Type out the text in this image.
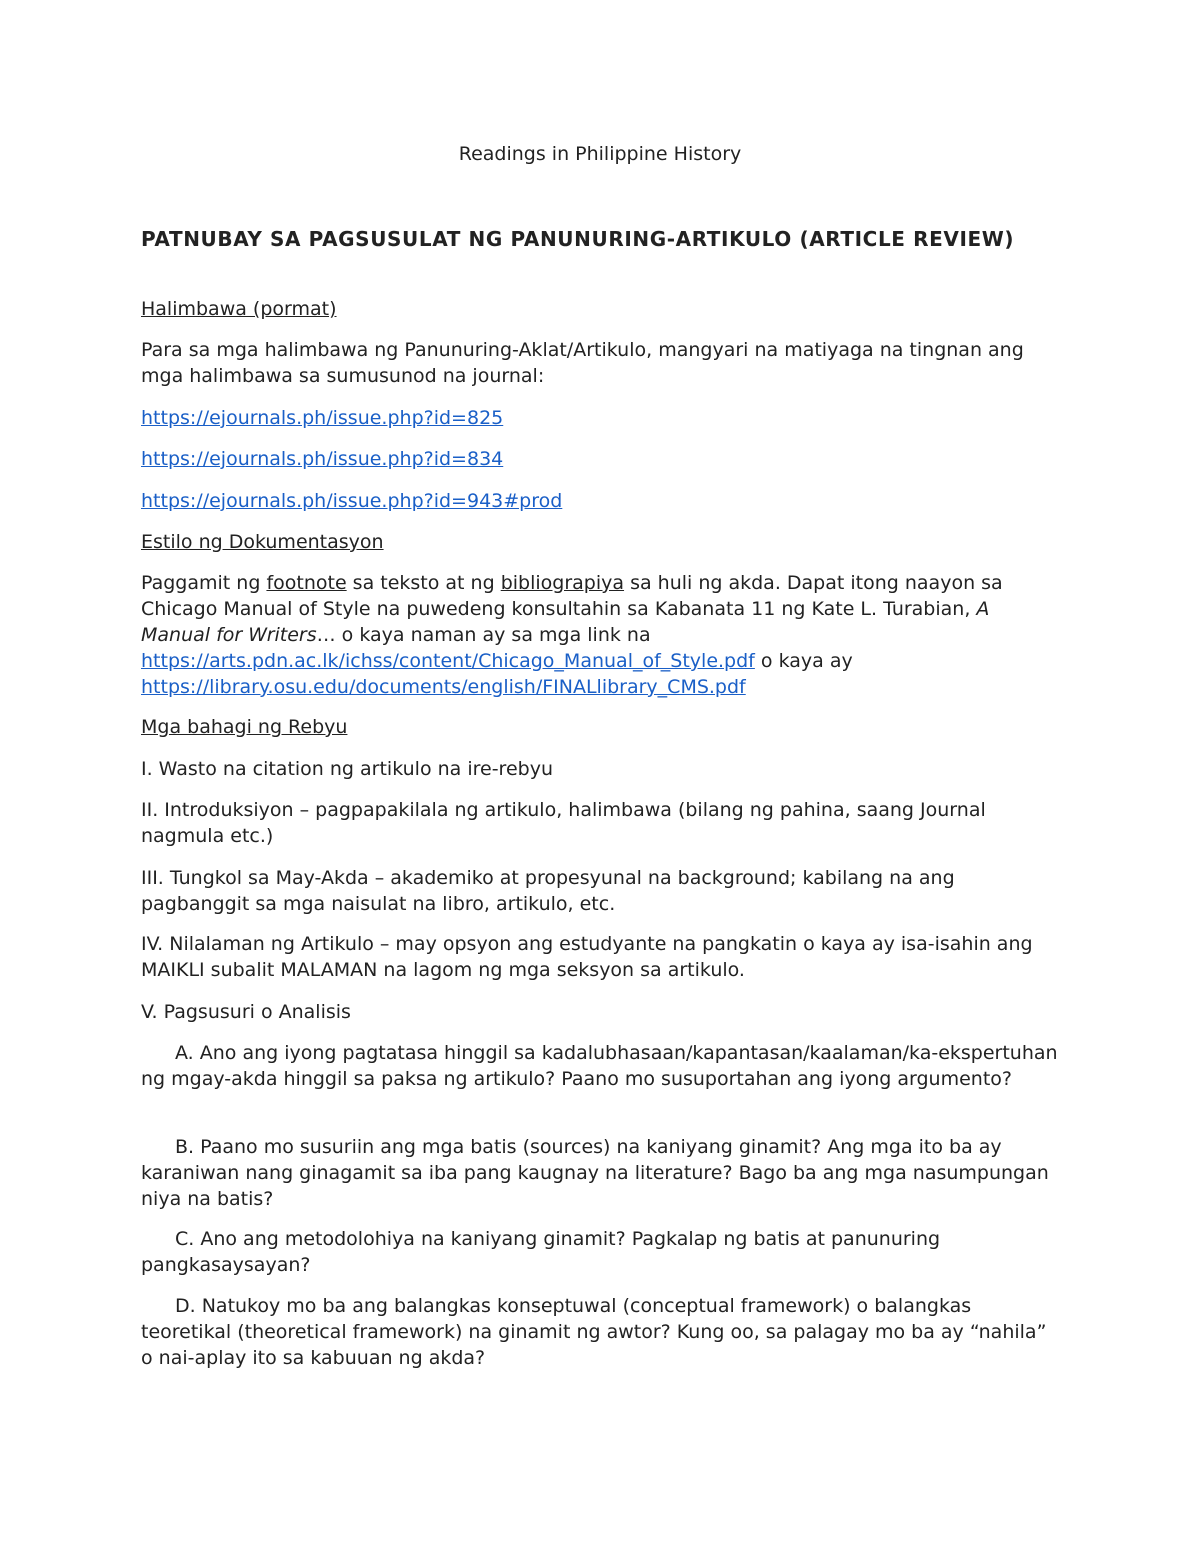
Readings in Philippine History
PATNUBAY SA PAGSUSULAT NG PANUNURING-ARTIKULO (ARTICLE REVIEW)

Halimbawa (pormat)

Para sa mga halimbawa ng Panunuring-Aklat/Artikulo, mangyari na matiyaga na tingnan ang mga halimbawa sa sumusunod na journal:

https://ejournals.ph/issue.php?id=825

https://ejournals.ph/issue.php?id=834

https://ejournals.ph/issue.php?id=943#prod

Estilo ng Dokumentasyon

Paggamit ng footnote sa teksto at ng bibliograpiya sa huli ng akda. Dapat itong naayon sa Chicago Manual of Style na puwedeng konsultahin sa Kabanata 11 ng Kate L. Turabian, A Manual for Writers… o kaya naman ay sa mga link na https://arts.pdn.ac.lk/ichss/content/Chicago_Manual_of_Style.pdf o kaya ay https://library.osu.edu/documents/english/FINALlibrary_CMS.pdf

Mga bahagi ng Rebyu

I. Wasto na citation ng artikulo na ire-rebyu

II. Introduksiyon – pagpapakilala ng artikulo, halimbawa (bilang ng pahina, saang Journal nagmula etc.)

III. Tungkol sa May-Akda – akademiko at propesyunal na background; kabilang na ang pagbanggit sa mga naisulat na libro, artikulo, etc.

IV. Nilalaman ng Artikulo – may opsyon ang estudyante na pangkatin o kaya ay isa-isahin ang MAIKLI subalit MALAMAN na lagom ng mga seksyon sa artikulo.

V. Pagsusuri o Analisis

A. Ano ang iyong pagtatasa hinggil sa kadalubhasaan/kapantasan/kaalaman/ka-ekspertuhan ng mgay-akda hinggil sa paksa ng artikulo? Paano mo susuportahan ang iyong argumento?

B. Paano mo susuriin ang mga batis (sources) na kaniyang ginamit? Ang mga ito ba ay karaniwan nang ginagamit sa iba pang kaugnay na literature? Bago ba ang mga nasumpungan niya na batis?

C. Ano ang metodolohiya na kaniyang ginamit? Pagkalap ng batis at panunuring pangkasaysayan?

D. Natukoy mo ba ang balangkas konseptuwal (conceptual framework) o balangkas teoretikal (theoretical framework) na ginamit ng awtor? Kung oo, sa palagay mo ba ay “nahila” o nai-aplay ito sa kabuuan ng akda?
